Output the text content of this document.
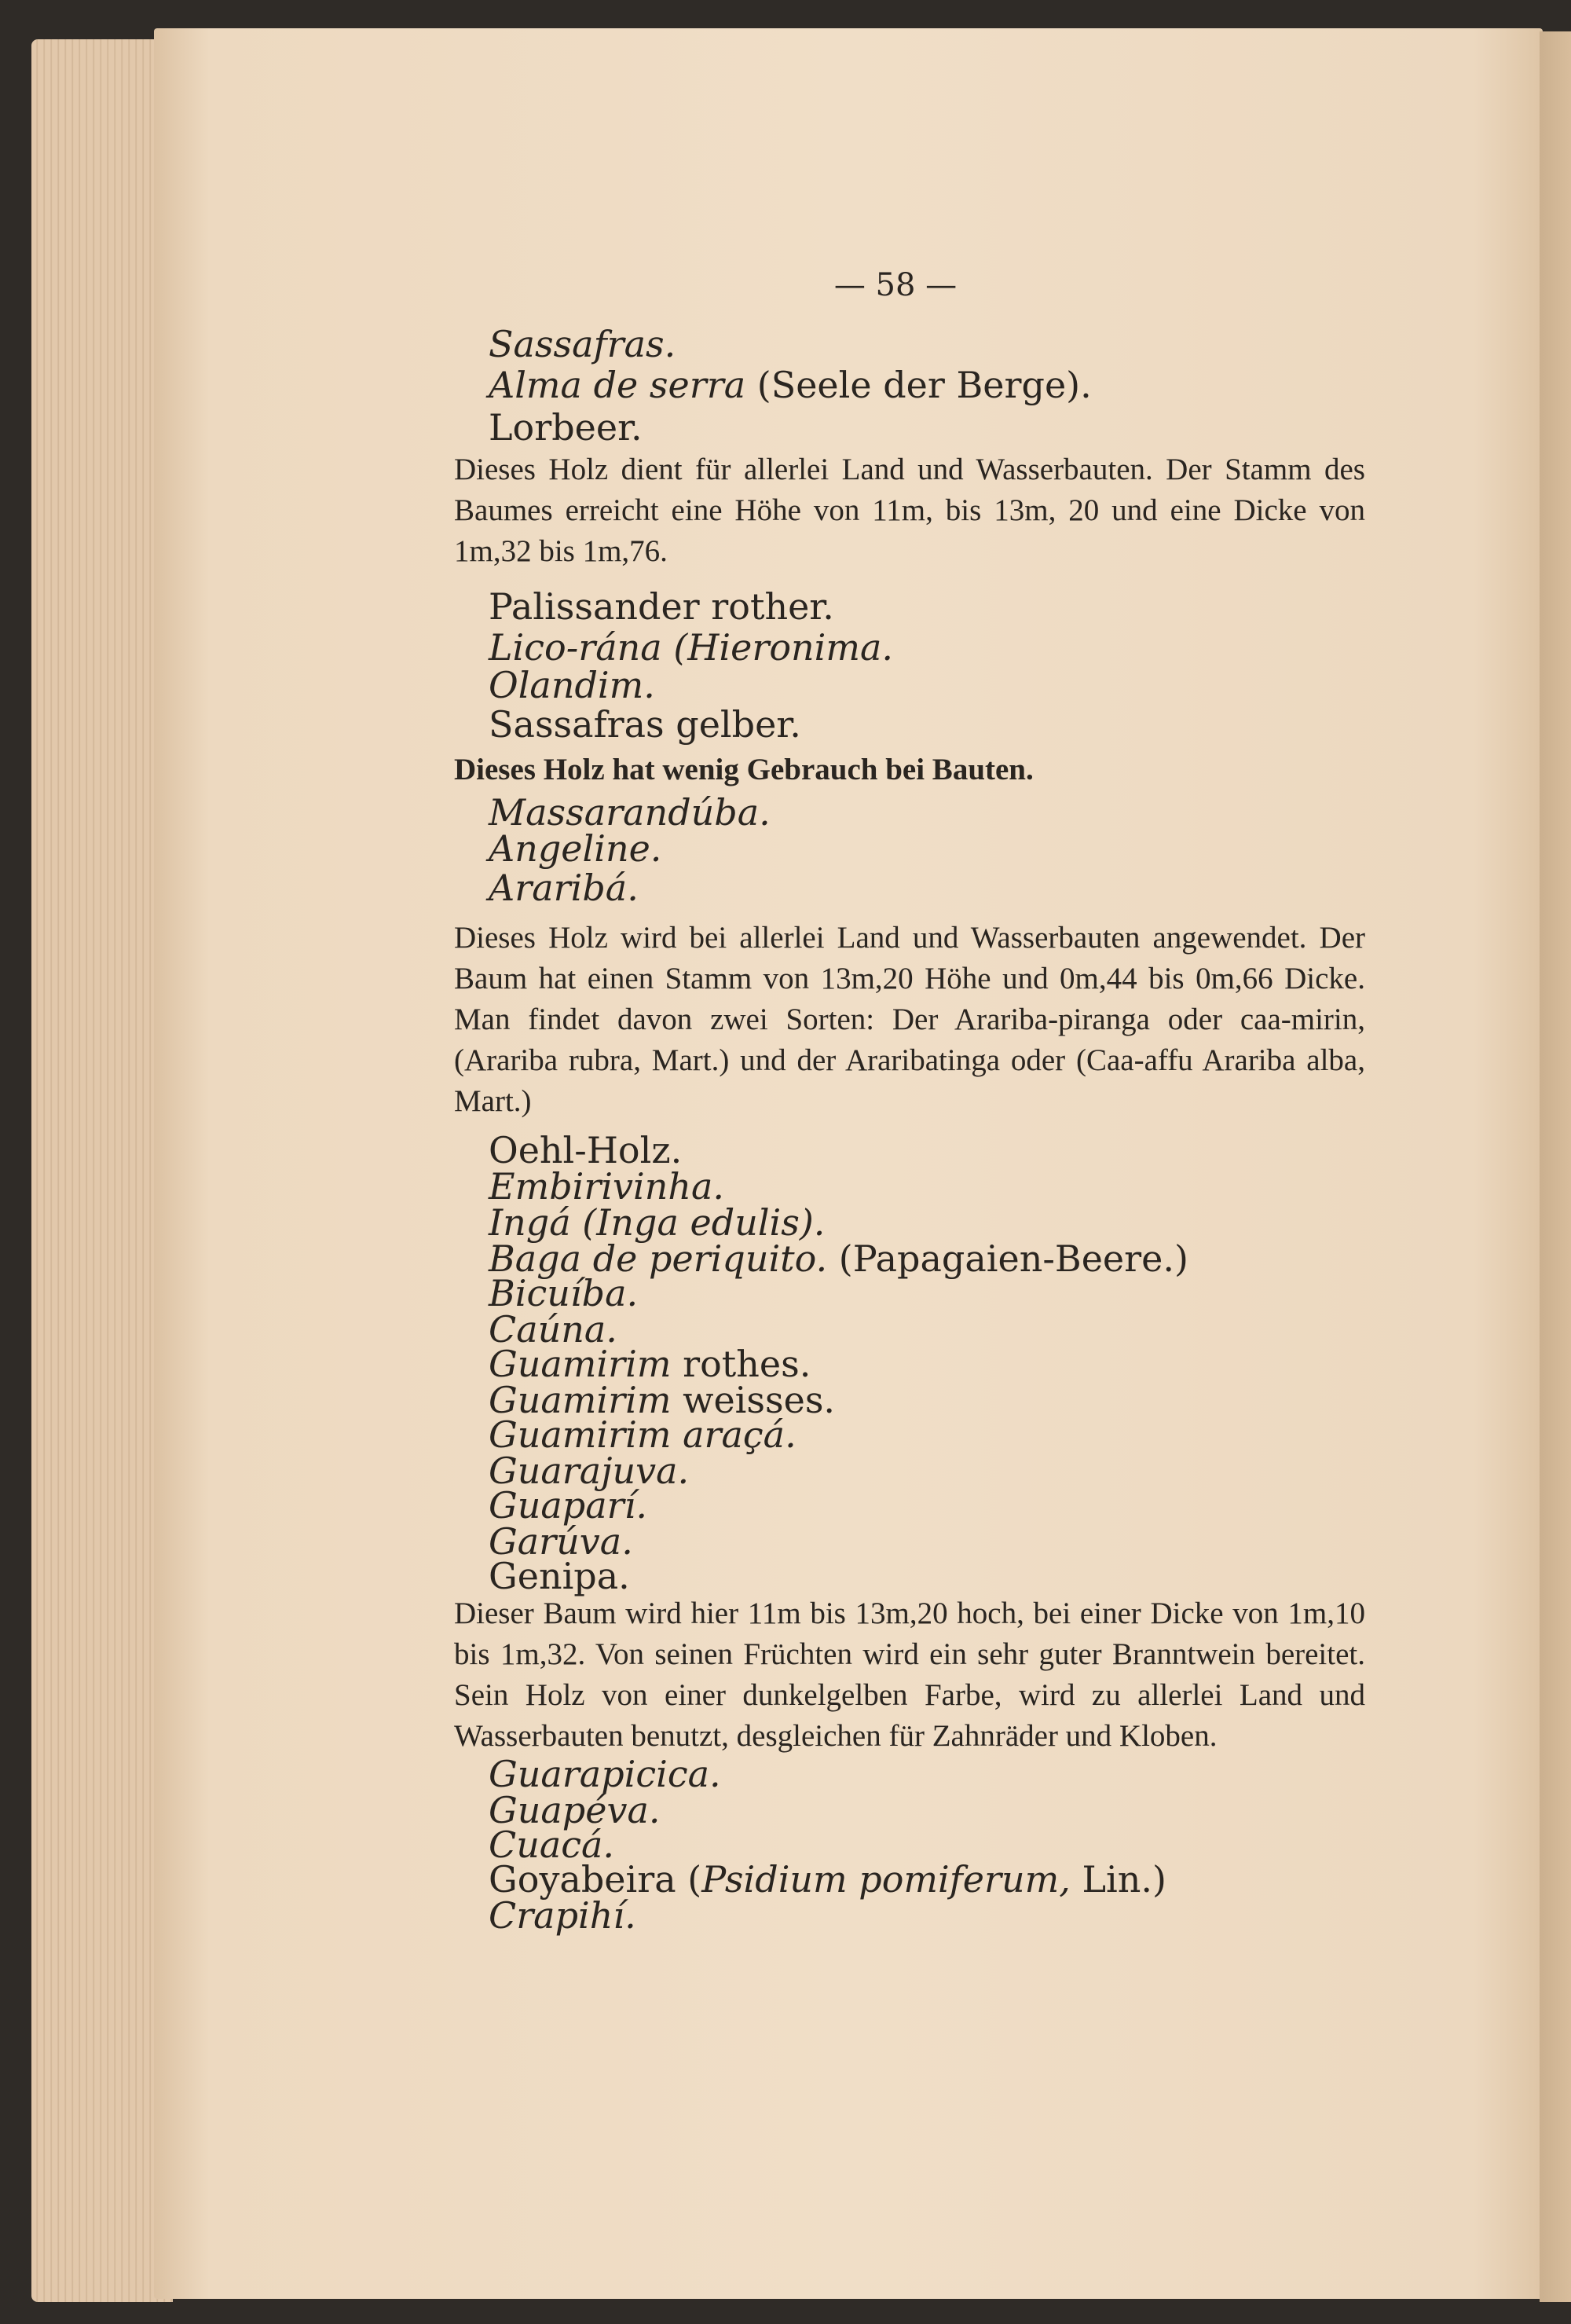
— 58 —
Sassafras.
Alma de serra (Seele der Berge).
Lorbeer.
Dieses Holz dient für allerlei Land und Wasserbauten. Der Stamm des Baumes erreicht eine Höhe von 11m, bis 13m, 20 und eine Dicke von 1m,32 bis 1m,76.
Palissander rother.
Lico-rána (Hieronima.
Olandim.
Sassafras gelber.
Dieses Holz hat wenig Gebrauch bei Bauten.
Massarandúba.
Angeline.
Araribá.
Dieses Holz wird bei allerlei Land und Wasserbauten angewendet. Der Baum hat einen Stamm von 13m,20 Höhe und 0m,44 bis 0m,66 Dicke. Man findet davon zwei Sorten: Der Arariba-piranga oder caa-mirin, (Arariba rubra, Mart.) und der Araribatinga oder (Caa-affu Arariba alba, Mart.)
Oehl-Holz.
Embirivinha.
Ingá (Inga edulis).
Baga de periquito. (Papagaien-Beere.)
Bicuíba.
Caúna.
Guamirim rothes.
Guamirim weisses.
Guamirim araçá.
Guarajuva.
Guaparí.
Garúva.
Genipa.
Dieser Baum wird hier 11m bis 13m,20 hoch, bei einer Dicke von 1m,10 bis 1m,32. Von seinen Früchten wird ein sehr guter Branntwein bereitet. Sein Holz von einer dunkelgelben Farbe, wird zu allerlei Land und Wasserbauten benutzt, desgleichen für Zahnräder und Kloben.
Guarapicica.
Guapéva.
Cuacá.
Goyabeira (Psidium pomiferum, Lin.)
Crapihí.
